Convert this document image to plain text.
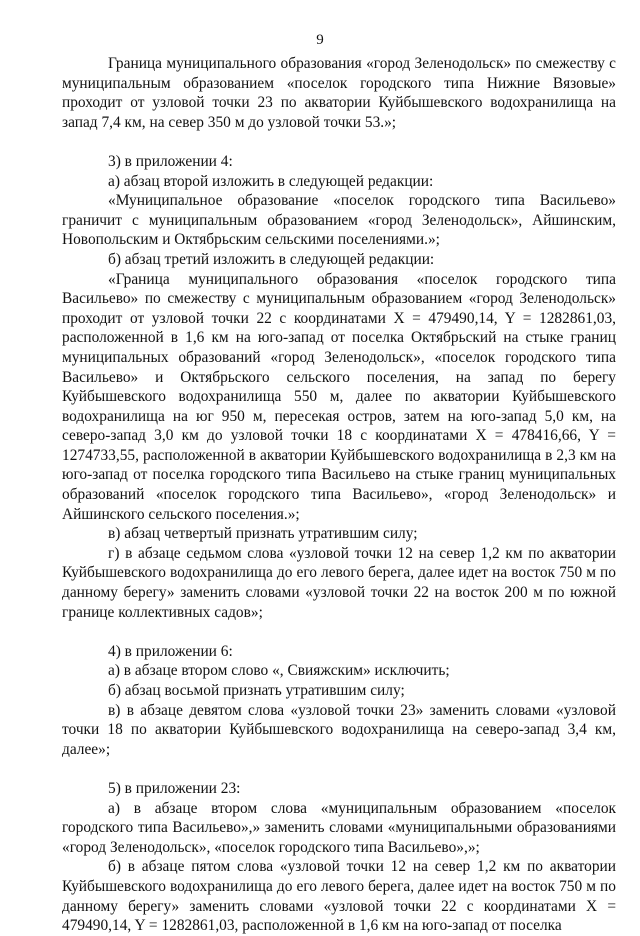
9

Граница муниципального образования «город Зеленодольск» по смежеству с муниципальным образованием «поселок городского типа Нижние Вязовые» проходит от узловой точки 23 по акватории Куйбышевского водохранилища на запад 7,4 км, на север 350 м до узловой точки 53.»;

3) в приложении 4:

а) абзац второй изложить в следующей редакции:

«Муниципальное образование «поселок городского типа Васильево» граничит с муниципальным образованием «город Зеленодольск», Айшинским, Новопольским и Октябрьским сельскими поселениями.»;

б) абзац третий изложить в следующей редакции:

«Граница муниципального образования «поселок городского типа Васильево» по смежеству с муниципальным образованием «город Зеленодольск» проходит от узловой точки 22 с координатами X = 479490,14, Y = 1282861,03, расположенной в 1,6 км на юго-запад от поселка Октябрьский на стыке границ муниципальных образований «город Зеленодольск», «поселок городского типа Васильево» и Октябрьского сельского поселения, на запад по берегу Куйбышевского водохранилища 550 м, далее по акватории Куйбышевского водохранилища на юг 950 м, пересекая остров, затем на юго-запад 5,0 км, на северо-запад 3,0 км до узловой точки 18 с координатами X = 478416,66, Y = 1274733,55, расположенной в акватории Куйбышевского водохранилища в 2,3 км на юго-запад от поселка городского типа Васильево на стыке границ муниципальных образований «поселок городского типа Васильево», «город Зеленодольск» и Айшинского сельского поселения.»;

в) абзац четвертый признать утратившим силу;

г) в абзаце седьмом слова «узловой точки 12 на север 1,2 км по акватории Куйбышевского водохранилища до его левого берега, далее идет на восток 750 м по данному берегу» заменить словами «узловой точки 22 на восток 200 м по южной границе коллективных садов»;

4) в приложении 6:

а) в абзаце втором слово «, Свияжским» исключить;

б) абзац восьмой признать утратившим силу;

в) в абзаце девятом слова «узловой точки 23» заменить словами «узловой точки 18 по акватории Куйбышевского водохранилища на северо-запад 3,4 км, далее»;

5) в приложении 23:

а) в абзаце втором слова «муниципальным образованием «поселок городского типа Васильево»,» заменить словами «муниципальными образованиями «город Зеленодольск», «поселок городского типа Васильево»,»;

б) в абзаце пятом слова «узловой точки 12 на север 1,2 км по акватории Куйбышевского водохранилища до его левого берега, далее идет на восток 750 м по данному берегу» заменить словами «узловой точки 22 с координатами X = 479490,14, Y = 1282861,03, расположенной в 1,6 км на юго-запад от поселка
